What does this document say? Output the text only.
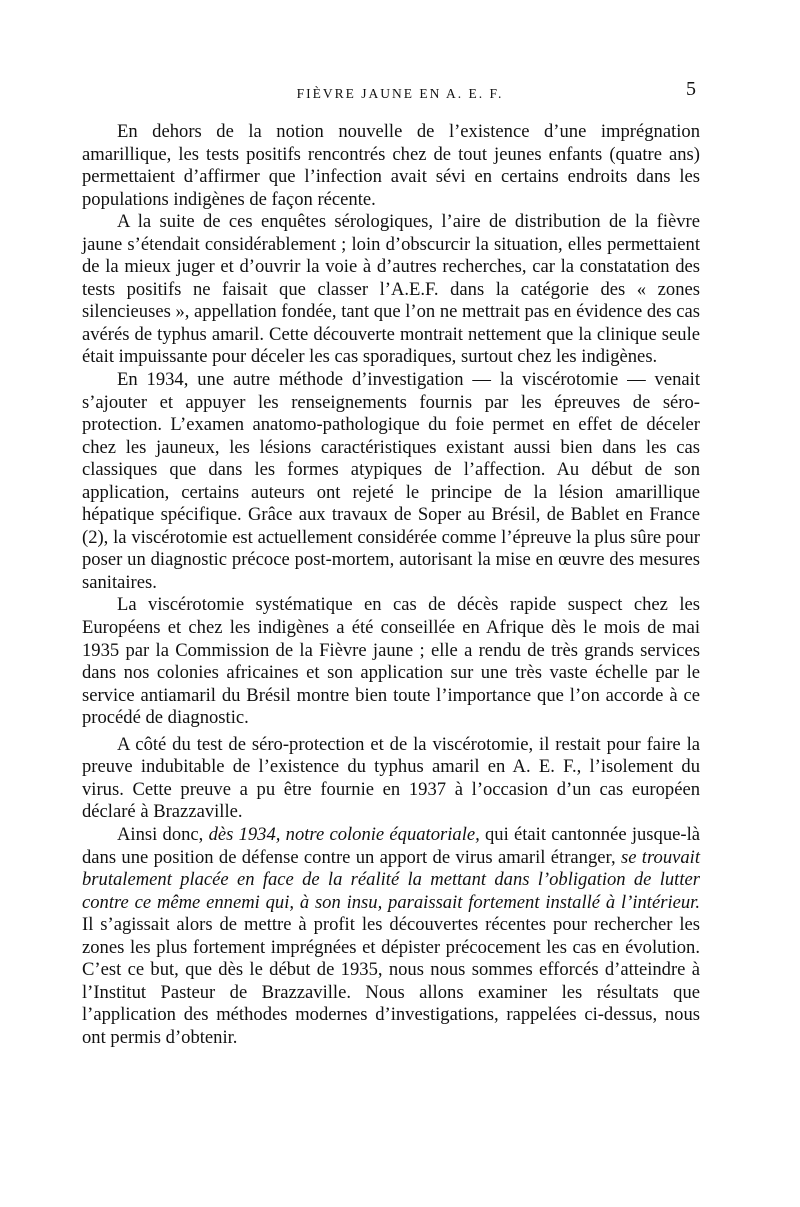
FIÈVRE JAUNE EN A. E. F.	5

En dehors de la notion nouvelle de l’existence d’une imprégnation amarillique, les tests positifs rencontrés chez de tout jeunes enfants (quatre ans) permettaient d’affirmer que l’infection avait sévi en certains endroits dans les populations indigènes de façon récente.

A la suite de ces enquêtes sérologiques, l’aire de distribution de la fièvre jaune s’étendait considérablement ; loin d’obscurcir la situation, elles permettaient de la mieux juger et d’ouvrir la voie à d’autres recherches, car la constatation des tests positifs ne faisait que classer l’A.E.F. dans la catégorie des « zones silencieuses », appellation fondée, tant que l’on ne mettrait pas en évidence des cas avérés de typhus amaril. Cette découverte montrait nettement que la clinique seule était impuissante pour déceler les cas sporadiques, surtout chez les indigènes.

En 1934, une autre méthode d’investigation — la viscérotomie — venait s’ajouter et appuyer les renseignements fournis par les épreuves de séro-protection. L’examen anatomo-pathologique du foie permet en effet de déceler chez les jauneux, les lésions caractéristiques existant aussi bien dans les cas classiques que dans les formes atypiques de l’affection. Au début de son application, certains auteurs ont rejeté le principe de la lésion amarillique hépatique spécifique. Grâce aux travaux de Soper au Brésil, de Bablet en France (2), la viscérotomie est actuellement considérée comme l’épreuve la plus sûre pour poser un diagnostic précoce post-mortem, autorisant la mise en œuvre des mesures sanitaires.

La viscérotomie systématique en cas de décès rapide suspect chez les Européens et chez les indigènes a été conseillée en Afrique dès le mois de mai 1935 par la Commission de la Fièvre jaune ; elle a rendu de très grands services dans nos colonies africaines et son application sur une très vaste échelle par le service antiamaril du Brésil montre bien toute l’importance que l’on accorde à ce procédé de diagnostic.

A côté du test de séro-protection et de la viscérotomie, il restait pour faire la preuve indubitable de l’existence du typhus amaril en A. E. F., l’isolement du virus. Cette preuve a pu être fournie en 1937 à l’occasion d’un cas européen déclaré à Brazzaville.

Ainsi donc, dès 1934, notre colonie équatoriale, qui était cantonnée jusque-là dans une position de défense contre un apport de virus amaril étranger, se trouvait brutalement placée en face de la réalité la mettant dans l’obligation de lutter contre ce même ennemi qui, à son insu, paraissait fortement installé à l’intérieur. Il s’agissait alors de mettre à profit les découvertes récentes pour rechercher les zones les plus fortement imprégnées et dépister précocement les cas en évolution. C’est ce but, que dès le début de 1935, nous nous sommes efforcés d’atteindre à l’Institut Pasteur de Brazzaville. Nous allons examiner les résultats que l’application des méthodes modernes d’investigations, rappelées ci-dessus, nous ont permis d’obtenir.
